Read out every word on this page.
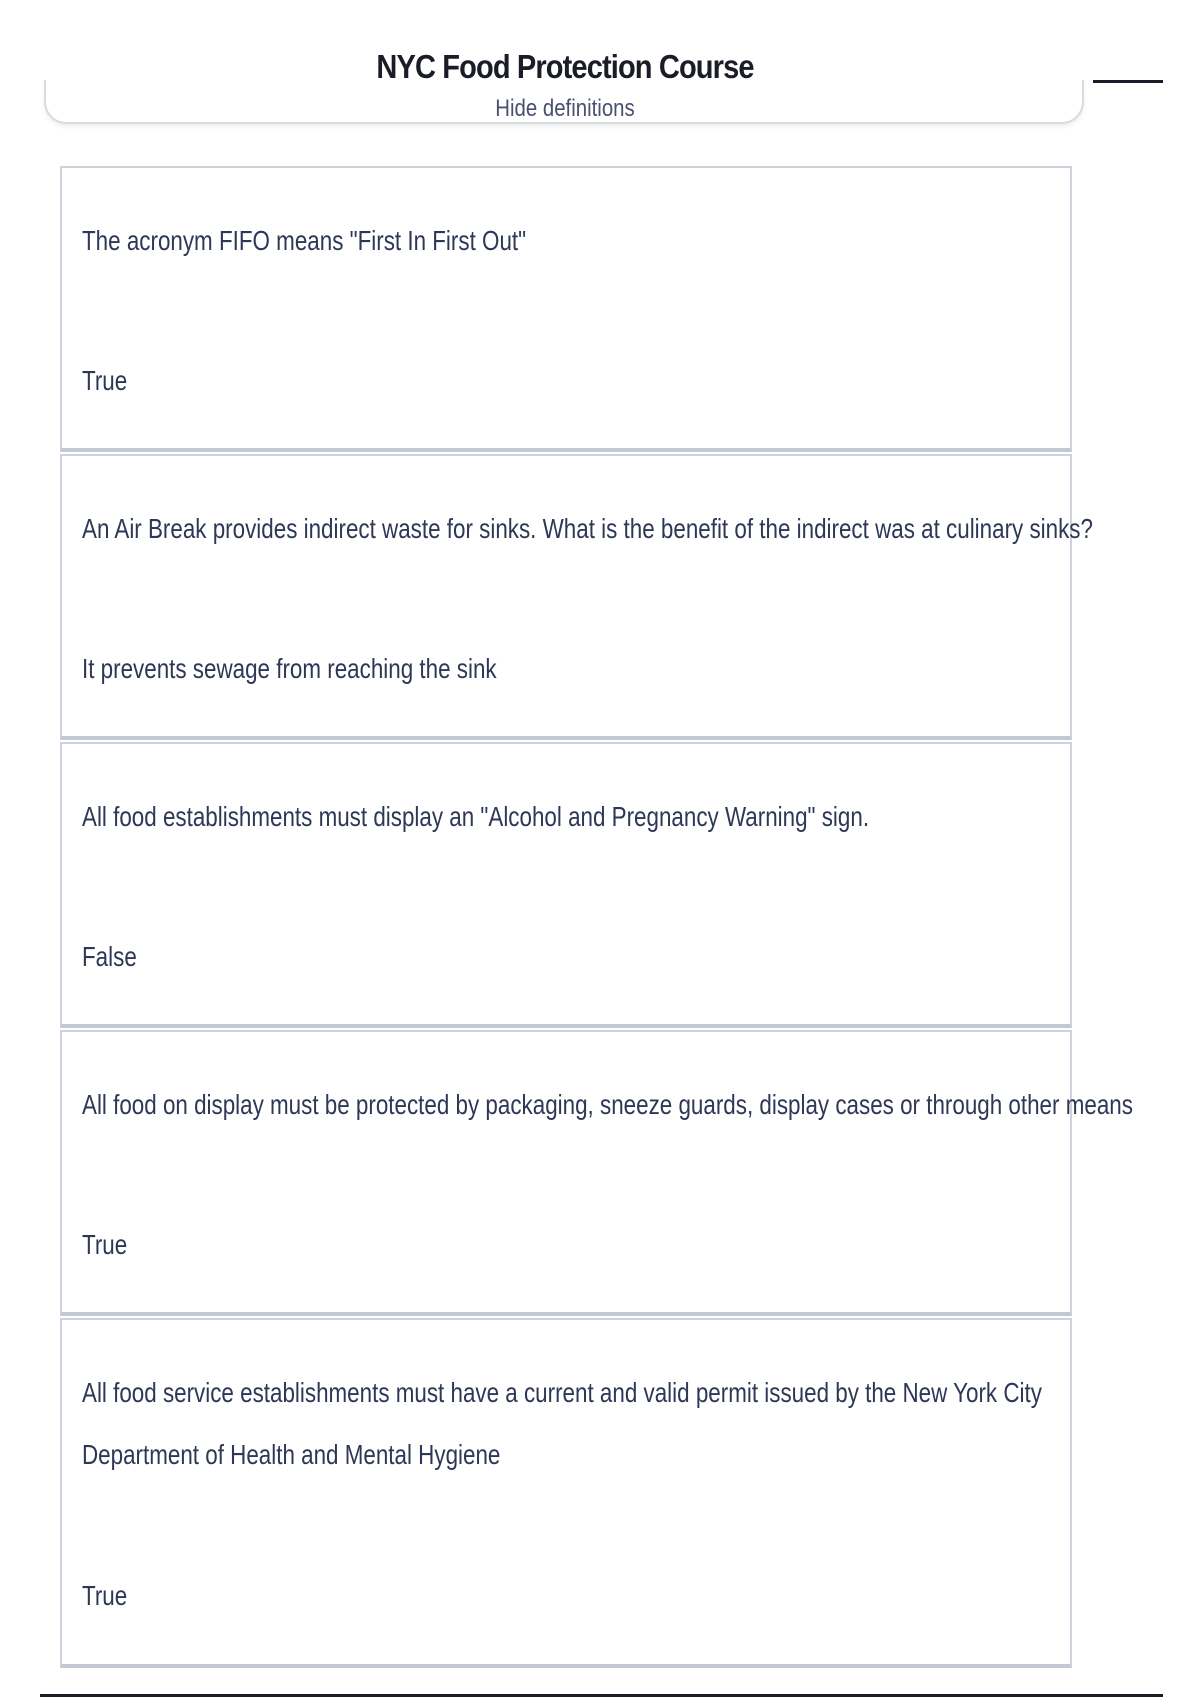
NYC Food Protection Course
Hide definitions
The acronym FIFO means "First In First Out"
True
An Air Break provides indirect waste for sinks. What is the benefit of the indirect was at culinary sinks?
It prevents sewage from reaching the sink
All food establishments must display an "Alcohol and Pregnancy Warning" sign.
False
All food on display must be protected by packaging, sneeze guards, display cases or through other means
True
All food service establishments must have a current and valid permit issued by the New York City Department of Health and Mental Hygiene
True
